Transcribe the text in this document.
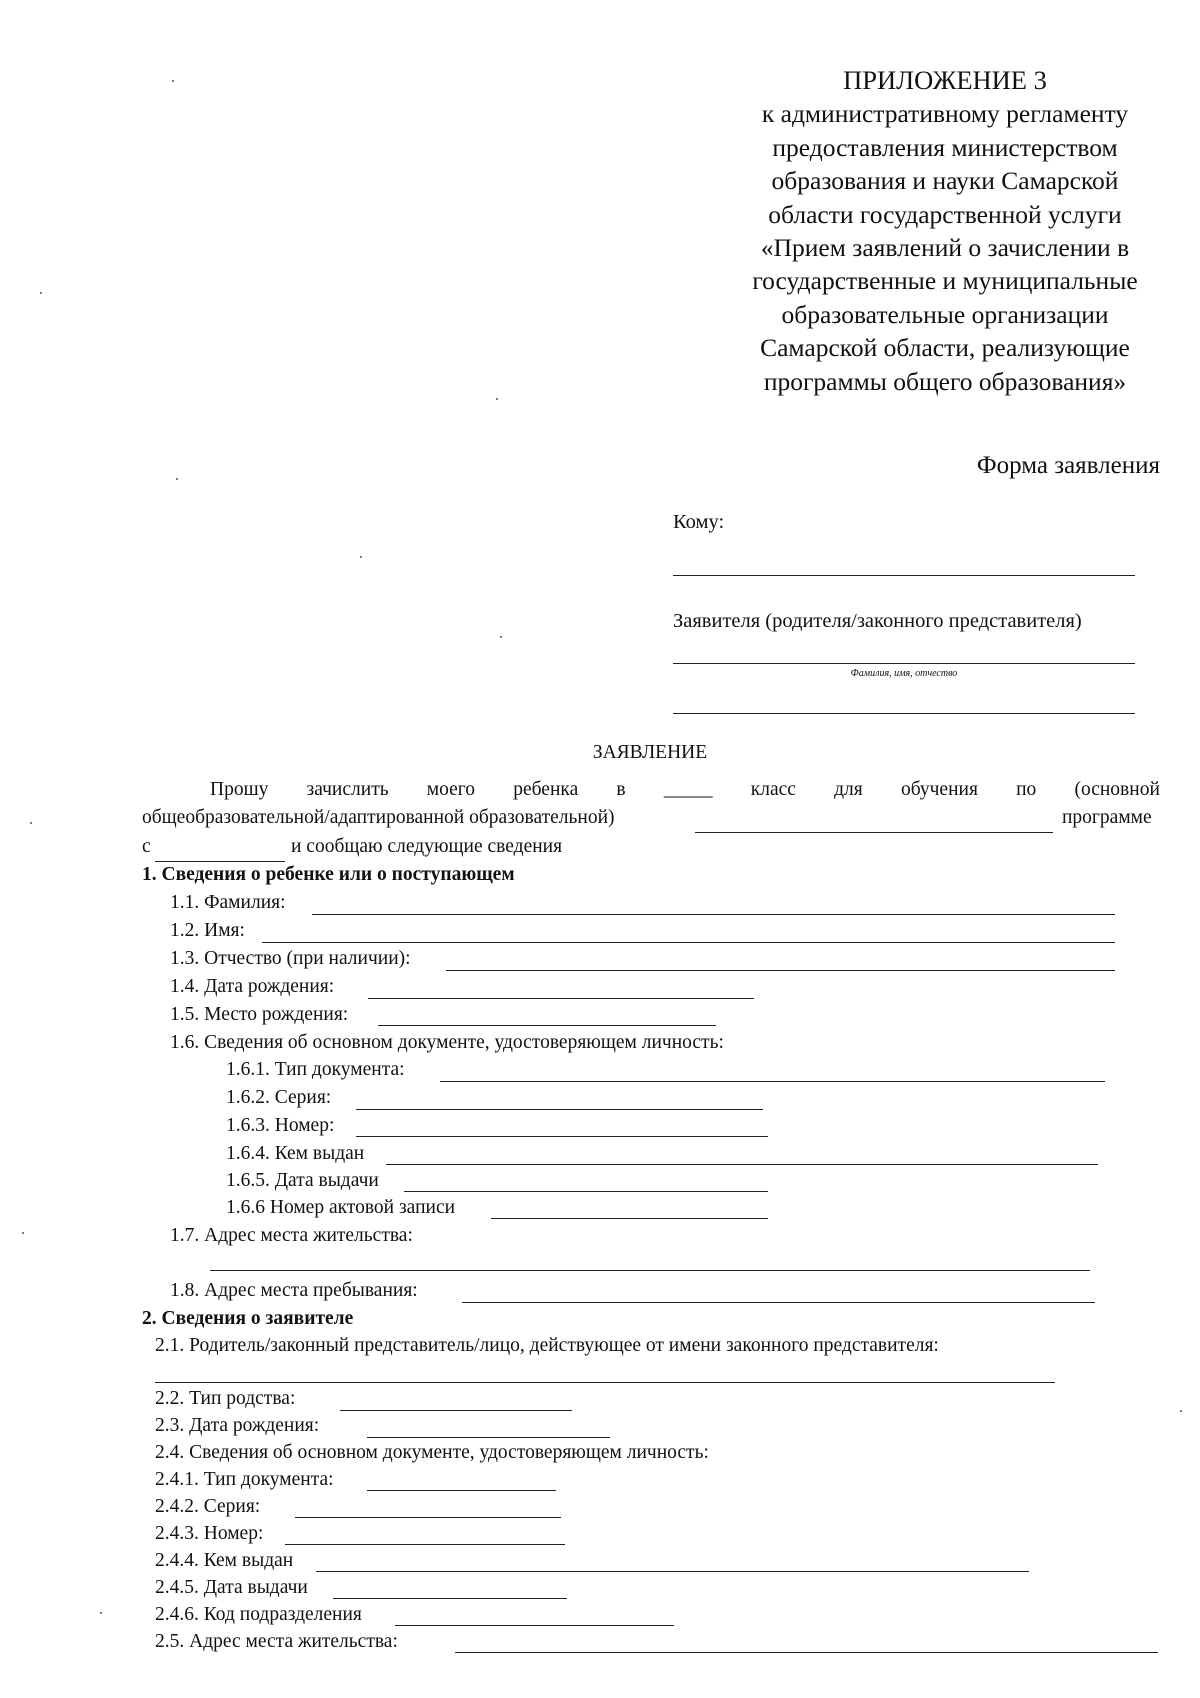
ПРИЛОЖЕНИЕ 3
к административному регламенту
предоставления министерством
образования и науки Самарской
области государственной услуги
«Прием заявлений о зачислении в
государственные и муниципальные
образовательные организации
Самарской области, реализующие
программы общего образования»
Форма заявления
Кому:
Заявителя (родителя/законного представителя)
Фамилия, имя, отчество
ЗАЯВЛЕНИЕ
Прошу зачислить моего ребенка в _____ класс для обучения по (основной
общеобразовательной/адаптированной образовательной)	программе
с	и сообщаю следующие сведения
1. Сведения о ребенке или о поступающем
1.1. Фамилия:
1.2. Имя:
1.3. Отчество (при наличии):
1.4. Дата рождения:
1.5. Место рождения:
1.6. Сведения об основном документе, удостоверяющем личность:
1.6.1. Тип документа:
1.6.2. Серия:
1.6.3. Номер:
1.6.4. Кем выдан
1.6.5. Дата выдачи
1.6.6 Номер актовой записи
1.7. Адрес места жительства:
1.8. Адрес места пребывания:
2. Сведения о заявителе
2.1. Родитель/законный представитель/лицо, действующее от имени законного представителя:
2.2. Тип родства:
2.3. Дата рождения:
2.4. Сведения об основном документе, удостоверяющем личность:
2.4.1. Тип документа:
2.4.2. Серия:
2.4.3. Номер:
2.4.4. Кем выдан
2.4.5. Дата выдачи
2.4.6. Код подразделения
2.5. Адрес места жительства:
